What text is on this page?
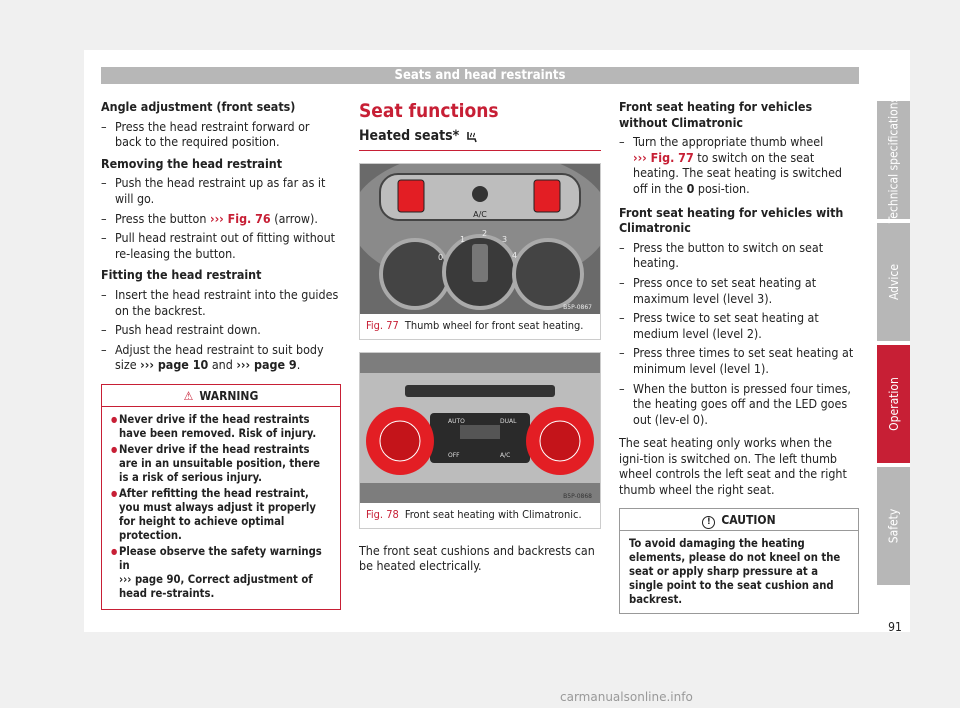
Seats and head restraints
Angle adjustment (front seats)
– Press the head restraint forward or back to the required position.
Removing the head restraint
– Push the head restraint up as far as it will go.
– Press the button ››› Fig. 76 (arrow).
– Pull head restraint out of fitting without re-leasing the button.
Fitting the head restraint
– Insert the head restraint into the guides on the backrest.
– Push head restraint down.
– Adjust the head restraint to suit body size ››› page 10 and ››› page 9.
⚠ WARNING
● Never drive if the head restraints have been removed. Risk of injury.
● Never drive if the head restraints are in an unsuitable position, there is a risk of serious injury.
● After refitting the head restraint, you must always adjust it properly for height to achieve optimal protection.
● Please observe the safety warnings in
››› page 90, Correct adjustment of head re-straints.
Seat functions
Heated seats*
A/C
0
1
2
3
4
B5P-0867
Fig. 77 Thumb wheel for front seat heating.
AUTO	DUAL
OFF	A/C
B5P-0868
Fig. 78 Front seat heating with Climatronic.
The front seat cushions and backrests can be heated electrically.
Front seat heating for vehicles without Climatronic
– Turn the appropriate thumb wheel
››› Fig. 77 to switch on the seat heating. The seat heating is switched off in the 0 posi-tion.
Front seat heating for vehicles with Climatronic
– Press the button to switch on seat heating.
– Press once to set seat heating at maximum level (level 3).
– Press twice to set seat heating at medium level (level 2).
– Press three times to set seat heating at minimum level (level 1).
– When the button is pressed four times, the heating goes off and the LED goes out (lev-el 0).
The seat heating only works when the igni-tion is switched on. The left thumb wheel controls the left seat and the right thumb wheel the right seat.
! CAUTION
To avoid damaging the heating elements, please do not kneel on the seat or apply sharp pressure at a single point to the seat cushion and backrest.
Technical specifications
Advice
Operation
Safety
91
carmanualsonline.info
